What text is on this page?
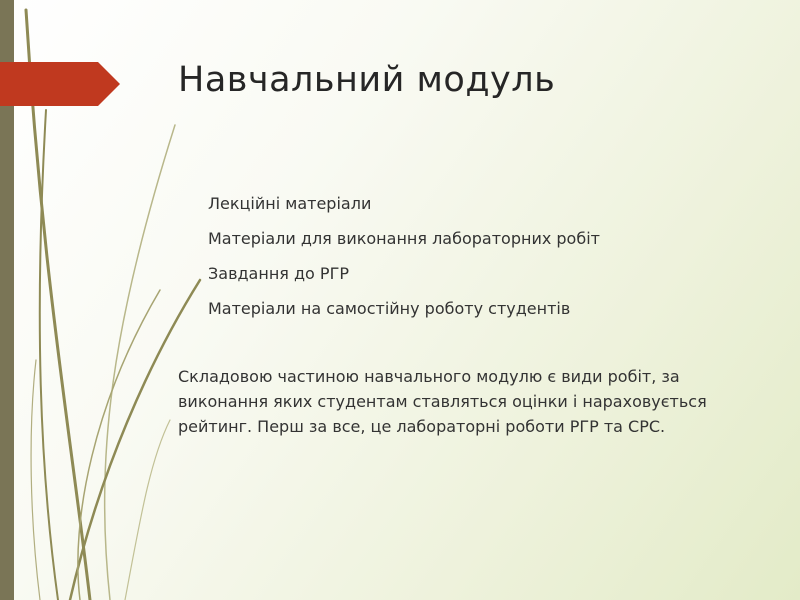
Навчальний модуль
Лекційні матеріали
Матеріали для виконання лабораторних робіт
Завдання до РГР
Матеріали на самостійну роботу студентів

Складовою частиною навчального модулю є види робіт, за виконання яких студентам ставляться оцінки і нараховується рейтинг. Перш за все, це лабораторні роботи РГР та СРС.
